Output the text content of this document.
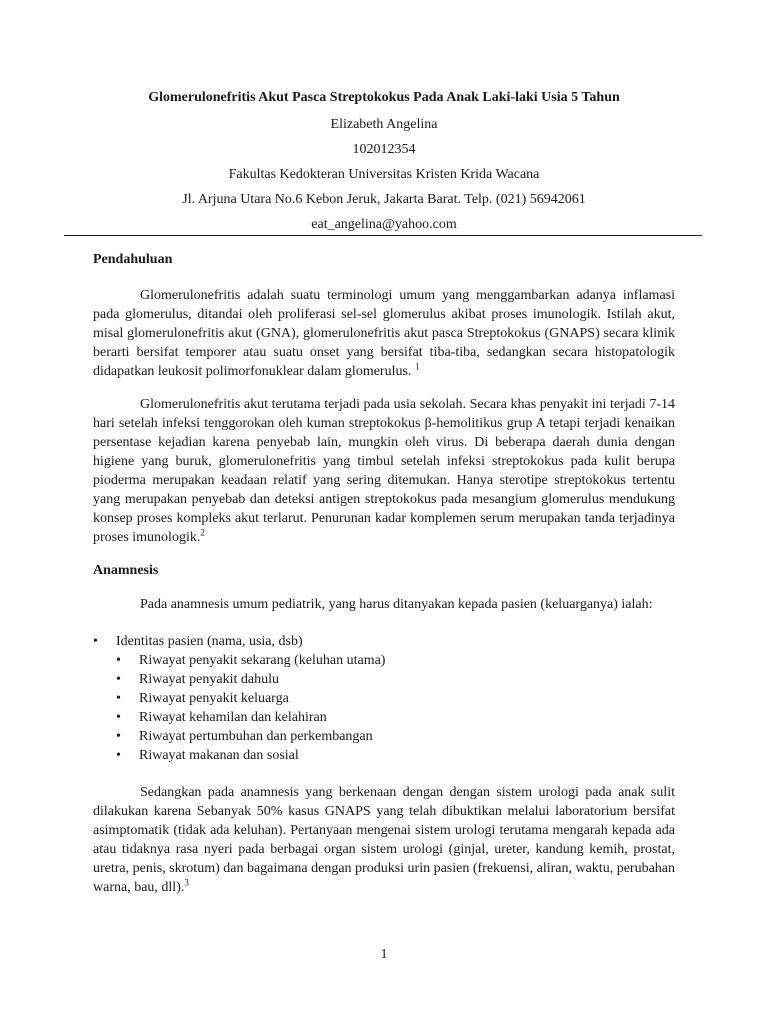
Glomerulonefritis Akut Pasca Streptokokus Pada Anak Laki-laki Usia 5 Tahun

Elizabeth Angelina

102012354

Fakultas Kedokteran Universitas Kristen Krida Wacana

Jl. Arjuna Utara No.6 Kebon Jeruk, Jakarta Barat. Telp. (021) 56942061

eat_angelina@yahoo.com

Pendahuluan

Glomerulonefritis adalah suatu terminologi umum yang menggambarkan adanya inflamasi pada glomerulus, ditandai oleh proliferasi sel-sel glomerulus akibat proses imunologik. Istilah akut, misal glomerulonefritis akut (GNA), glomerulonefritis akut pasca Streptokokus (GNAPS) secara klinik berarti bersifat temporer atau suatu onset yang bersifat tiba-tiba, sedangkan secara histopatologik didapatkan leukosit polimorfonuklear dalam glomerulus. $^1$

Glomerulonefritis akut terutama terjadi pada usia sekolah. Secara khas penyakit ini terjadi 7-14 hari setelah infeksi tenggorokan oleh kuman streptokokus β-hemolitikus grup A tetapi terjadi kenaikan persentase kejadian karena penyebab lain, mungkin oleh virus. Di beberapa daerah dunia dengan higiene yang buruk, glomerulonefritis yang timbul setelah infeksi streptokokus pada kulit berupa pioderma merupakan keadaan relatif yang sering ditemukan. Hanya sterotipe streptokokus tertentu yang merupakan penyebab dan deteksi antigen streptokokus pada mesangium glomerulus mendukung konsep proses kompleks akut terlarut. Penurunan kadar komplemen serum merupakan tanda terjadinya proses imunologik.$^2$

Anamnesis

Pada anamnesis umum pediatrik, yang harus ditanyakan kepada pasien (keluarganya) ialah:

•	Identitas pasien (nama, usia, dsb)
•	Riwayat penyakit sekarang (keluhan utama)
•	Riwayat penyakit dahulu
•	Riwayat penyakit keluarga
•	Riwayat kehamilan dan kelahiran
•	Riwayat pertumbuhan dan perkembangan
•	Riwayat makanan dan sosial

Sedangkan pada anamnesis yang berkenaan dengan dengan sistem urologi pada anak sulit dilakukan karena Sebanyak 50% kasus GNAPS yang telah dibuktikan melalui laboratorium bersifat asimptomatik (tidak ada keluhan). Pertanyaan mengenai sistem urologi terutama mengarah kepada ada atau tidaknya rasa nyeri pada berbagai organ sistem urologi (ginjal, ureter, kandung kemih, prostat, uretra, penis, skrotum) dan bagaimana dengan produksi urin pasien (frekuensi, aliran, waktu, perubahan warna, bau, dll).$^3$

1
